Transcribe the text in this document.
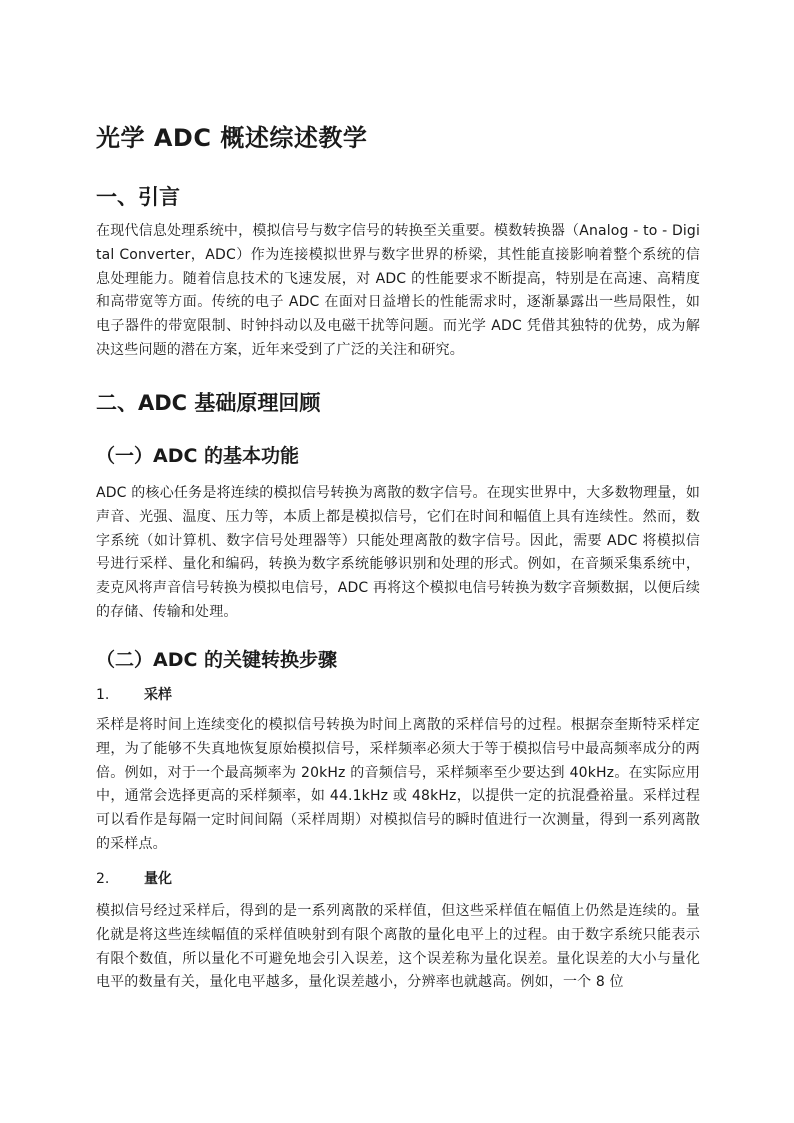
光学 ADC 概述综述教学
一、引言

在现代信息处理系统中，模拟信号与数字信号的转换至关重要。模数转换器（Analog - to - Digital Converter，ADC）作为连接模拟世界与数字世界的桥梁，其性能直接影响着整个系统的信息处理能力。随着信息技术的飞速发展，对 ADC 的性能要求不断提高，特别是在高速、高精度和高带宽等方面。传统的电子 ADC 在面对日益增长的性能需求时，逐渐暴露出一些局限性，如电子器件的带宽限制、时钟抖动以及电磁干扰等问题。而光学 ADC 凭借其独特的优势，成为解决这些问题的潜在方案，近年来受到了广泛的关注和研究。

二、ADC 基础原理回顾
（一）ADC 的基本功能

ADC 的核心任务是将连续的模拟信号转换为离散的数字信号。在现实世界中，大多数物理量，如声音、光强、温度、压力等，本质上都是模拟信号，它们在时间和幅值上具有连续性。然而，数字系统（如计算机、数字信号处理器等）只能处理离散的数字信号。因此，需要 ADC 将模拟信号进行采样、量化和编码，转换为数字系统能够识别和处理的形式。例如，在音频采集系统中，麦克风将声音信号转换为模拟电信号，ADC 再将这个模拟电信号转换为数字音频数据，以便后续的存储、传输和处理。

（二）ADC 的关键转换步骤
1. 采样

采样是将时间上连续变化的模拟信号转换为时间上离散的采样信号的过程。根据奈奎斯特采样定理，为了能够不失真地恢复原始模拟信号，采样频率必须大于等于模拟信号中最高频率成分的两倍。例如，对于一个最高频率为 20kHz 的音频信号，采样频率至少要达到 40kHz。在实际应用中，通常会选择更高的采样频率，如 44.1kHz 或 48kHz，以提供一定的抗混叠裕量。采样过程可以看作是每隔一定时间间隔（采样周期）对模拟信号的瞬时值进行一次测量，得到一系列离散的采样点。

2. 量化

模拟信号经过采样后，得到的是一系列离散的采样值，但这些采样值在幅值上仍然是连续的。量化就是将这些连续幅值的采样值映射到有限个离散的量化电平上的过程。由于数字系统只能表示有限个数值，所以量化不可避免地会引入误差，这个误差称为量化误差。量化误差的大小与量化电平的数量有关，量化电平越多，量化误差越小，分辨率也就越高。例如，一个 8 位
